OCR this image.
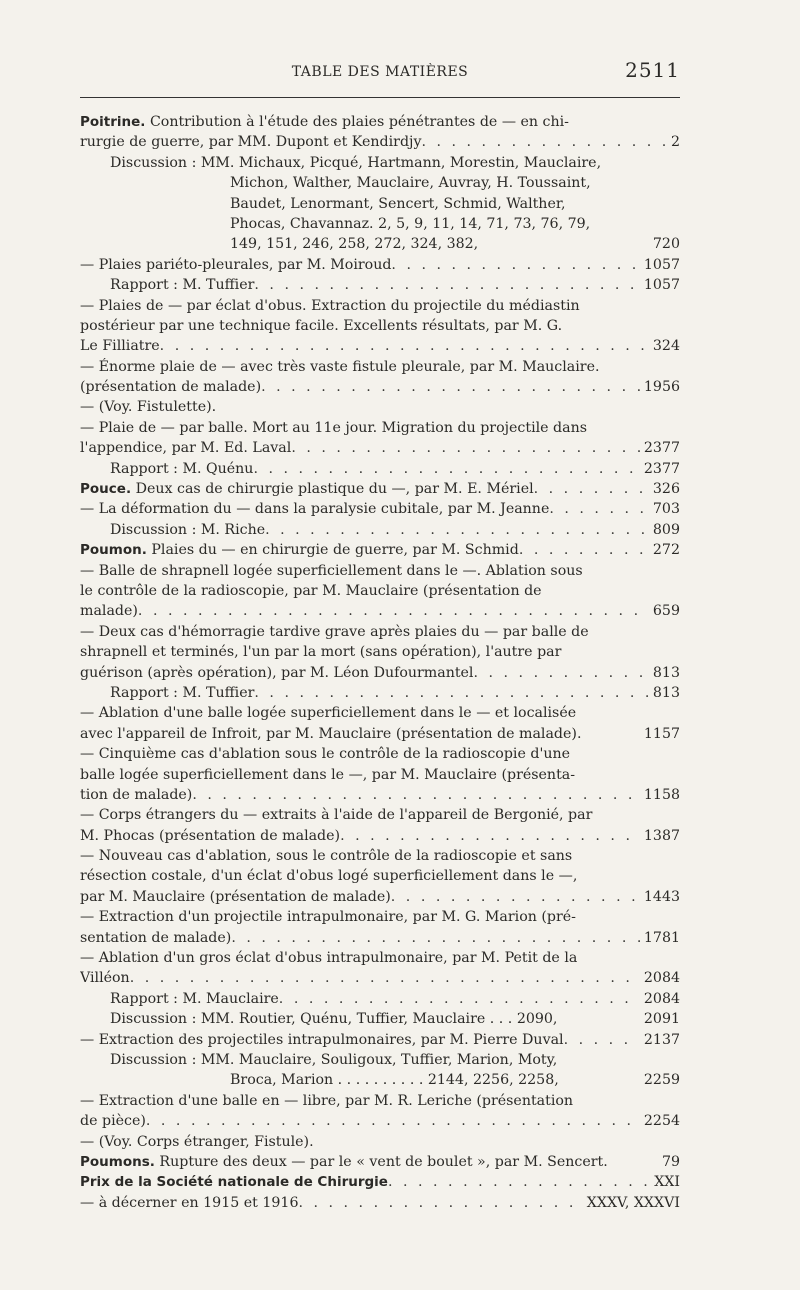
TABLE DES MATIÈRES	2511
Poitrine. Contribution à l'étude des plaies pénétrantes de — en chi-
rurgie de guerre, par MM. Dupont et Kendirdjy . . .	2
Discussion : MM. Michaux, Picqué, Hartmann, Morestin, Mauclaire,
Michon, Walther, Mauclaire, Auvray, H. Toussaint,
Baudet, Lenormant, Sencert, Schmid, Walther,
Phocas, Chavannaz. 2, 5, 9, 11, 14, 71, 73, 76, 79,
149, 151, 246, 258, 272, 324, 382,	720
— Plaies pariéto-pleurales, par M. Moiroud . . .	1057
Rapport : M. Tuffier . . .	1057
— Plaies de — par éclat d'obus. Extraction du projectile du médiastin
postérieur par une technique facile. Excellents résultats, par M. G.
Le Filliatre . . .	324
— Énorme plaie de — avec très vaste fistule pleurale, par M. Mauclaire.
(présentation de malade) . . .	1956
— (Voy. Fistulette).
— Plaie de — par balle. Mort au 11e jour. Migration du projectile dans
l'appendice, par M. Ed. Laval . . .	2377
Rapport : M. Quénu . . .	2377
Pouce. Deux cas de chirurgie plastique du —, par M. E. Mériel . . .	326
— La déformation du — dans la paralysie cubitale, par M. Jeanne . . .	703
Discussion : M. Riche . . .	809
Poumon. Plaies du — en chirurgie de guerre, par M. Schmid . . .	272
— Balle de shrapnell logée superficiellement dans le —. Ablation sous
le contrôle de la radioscopie, par M. Mauclaire (présentation de
malade) . . .	659
— Deux cas d'hémorragie tardive grave après plaies du — par balle de
shrapnell et terminés, l'un par la mort (sans opération), l'autre par
guérison (après opération), par M. Léon Dufourmantel . . .	813
Rapport : M. Tuffier . . .	813
— Ablation d'une balle logée superficiellement dans le — et localisée
avec l'appareil de Infroit, par M. Mauclaire (présentation de malade).	1157
— Cinquième cas d'ablation sous le contrôle de la radioscopie d'une
balle logée superficiellement dans le —, par M. Mauclaire (présenta-
tion de malade) . . .	1158
— Corps étrangers du — extraits à l'aide de l'appareil de Bergonié, par
M. Phocas (présentation de malade) . . .	1387
— Nouveau cas d'ablation, sous le contrôle de la radioscopie et sans
résection costale, d'un éclat d'obus logé superficiellement dans le —,
par M. Mauclaire (présentation de malade) . . .	1443
— Extraction d'un projectile intrapulmonaire, par M. G. Marion (pré-
sentation de malade) . . .	1781
— Ablation d'un gros éclat d'obus intrapulmonaire, par M. Petit de la
Villéon . . .	2084
Rapport : M. Mauclaire . . .	2084
Discussion : MM. Routier, Quénu, Tuffier, Mauclaire . . . 2090,	2091
— Extraction des projectiles intrapulmonaires, par M. Pierre Duval . . .	2137
Discussion : MM. Mauclaire, Souligoux, Tuffier, Marion, Moty,
Broca, Marion . . . . . . . . . . 2144, 2256, 2258,	2259
— Extraction d'une balle en — libre, par M. R. Leriche (présentation
de pièce) . . .	2254
— (Voy. Corps étranger, Fistule).
Poumons. Rupture des deux — par le « vent de boulet », par M. Sencert.	79
Prix de la Société nationale de Chirurgie . . .	XXI
— à décerner en 1915 et 1916 . . .	XXXV, XXXVI
